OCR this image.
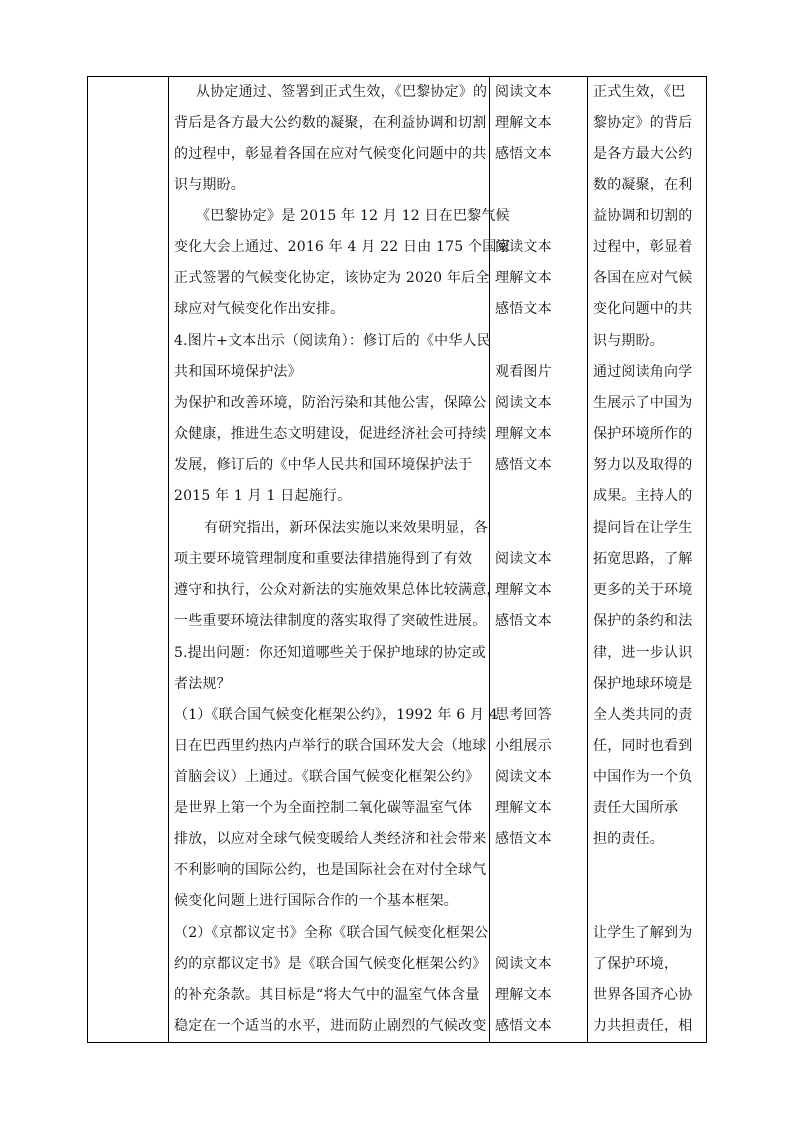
从协定通过、签署到正式生效，《巴黎协定》的
背后是各方最大公约数的凝聚，在利益协调和切割
的过程中，彰显着各国在应对气候变化问题中的共
识与期盼。
《巴黎协定》是 2015 年 12 月 12 日在巴黎气候
变化大会上通过、2016 年 4 月 22 日由 175 个国家
正式签署的气候变化协定，该协定为 2020 年后全
球应对气候变化作出安排。
4.图片+文本出示（阅读角）：修订后的《中华人民
共和国环境保护法》
为保护和改善环境，防治污染和其他公害，保障公
众健康，推进生态文明建设，促进经济社会可持续
发展，修订后的《中华人民共和国环境保护法于
2015 年 1 月 1 日起施行。
有研究指出，新环保法实施以来效果明显，各
项主要环境管理制度和重要法律措施得到了有效
遵守和执行，公众对新法的实施效果总体比较满意，
一些重要环境法律制度的落实取得了突破性进展。
5.提出问题：你还知道哪些关于保护地球的协定或
者法规？
（1）《联合国气候变化框架公约》，1992 年 6 月 4
日在巴西里约热内卢举行的联合国环发大会（地球
首脑会议）上通过。《联合国气候变化框架公约》
是世界上第一个为全面控制二氧化碳等温室气体
排放，以应对全球气候变暖给人类经济和社会带来
不利影响的国际公约，也是国际社会在对付全球气
候变化问题上进行国际合作的一个基本框架。
（2）《京都议定书》全称《联合国气候变化框架公
约的京都议定书》是《联合国气候变化框架公约》
的补充条款。其目标是“将大气中的温室气体含量
稳定在一个适当的水平，进而防止剧烈的气候改变
阅读文本
理解文本
感悟文本
阅读文本
理解文本
感悟文本
观看图片
阅读文本
理解文本
感悟文本
阅读文本
理解文本
感悟文本
思考回答
小组展示
阅读文本
理解文本
感悟文本
阅读文本
理解文本
感悟文本
正式生效，《巴
黎协定》的背后
是各方最大公约
数的凝聚，在利
益协调和切割的
过程中，彰显着
各国在应对气候
变化问题中的共
识与期盼。
通过阅读角向学
生展示了中国为
保护环境所作的
努力以及取得的
成果。主持人的
提问旨在让学生
拓宽思路，了解
更多的关于环境
保护的条约和法
律，进一步认识
保护地球环境是
全人类共同的责
任，同时也看到
中国作为一个负
责任大国所承
担的责任。
让学生了解到为
了保护环境，
世界各国齐心协
力共担责任，相
